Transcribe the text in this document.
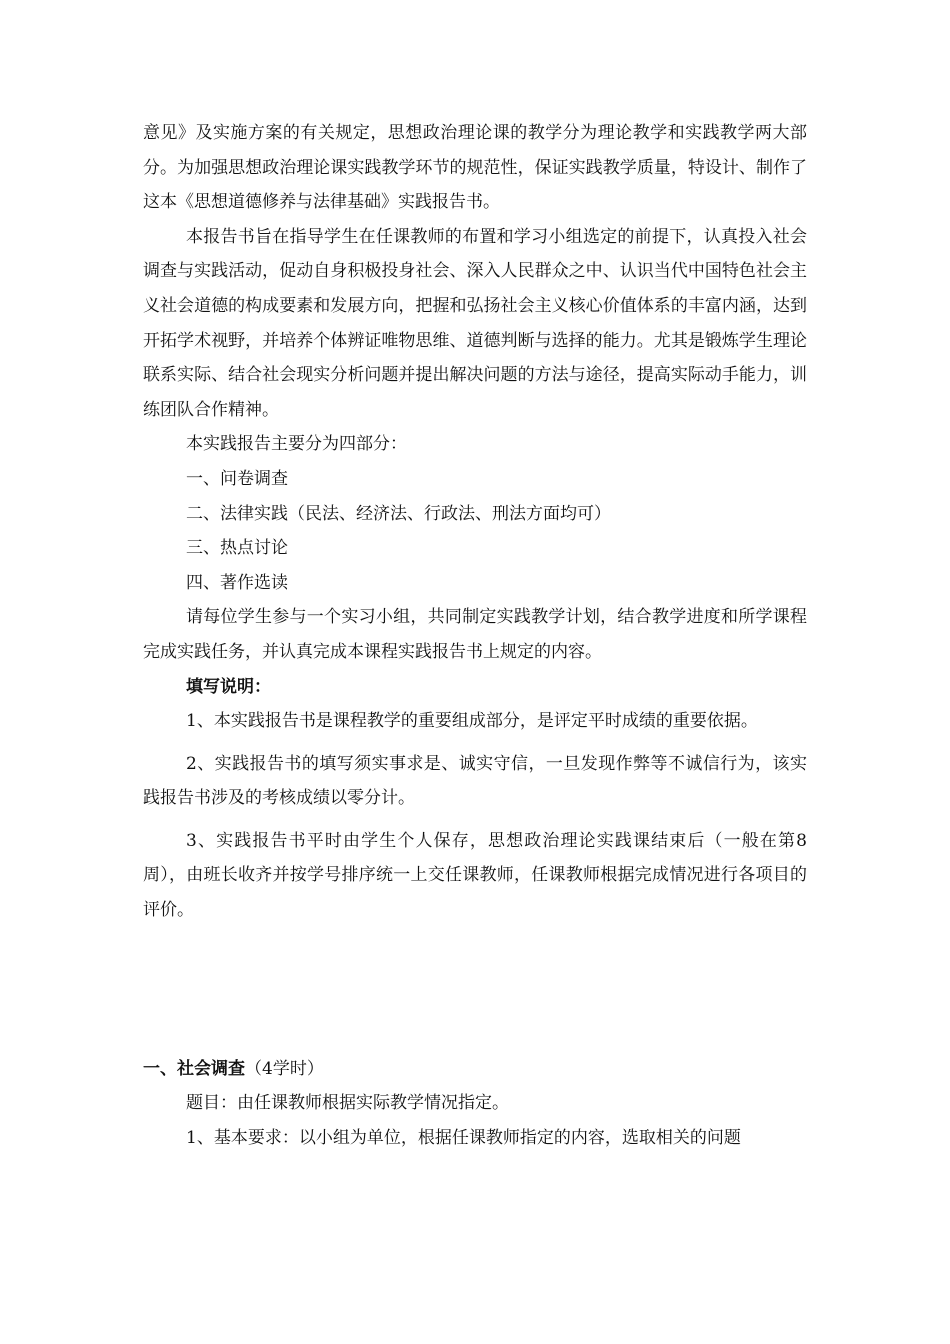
意见》及实施方案的有关规定，思想政治理论课的教学分为理论教学和实践教学两大部分。为加强思想政治理论课实践教学环节的规范性，保证实践教学质量，特设计、制作了这本《思想道德修养与法律基础》实践报告书。

本报告书旨在指导学生在任课教师的布置和学习小组选定的前提下，认真投入社会调查与实践活动，促动自身积极投身社会、深入人民群众之中、认识当代中国特色社会主义社会道德的构成要素和发展方向，把握和弘扬社会主义核心价值体系的丰富内涵，达到开拓学术视野，并培养个体辨证唯物思维、道德判断与选择的能力。尤其是锻炼学生理论联系实际、结合社会现实分析问题并提出解决问题的方法与途径，提高实际动手能力，训练团队合作精神。

本实践报告主要分为四部分：

一、问卷调查

二、法律实践（民法、经济法、行政法、刑法方面均可）

三、热点讨论

四、著作选读

请每位学生参与一个实习小组，共同制定实践教学计划，结合教学进度和所学课程完成实践任务，并认真完成本课程实践报告书上规定的内容。

填写说明：

1、本实践报告书是课程教学的重要组成部分，是评定平时成绩的重要依据。

2、实践报告书的填写须实事求是、诚实守信，一旦发现作弊等不诚信行为，该实践报告书涉及的考核成绩以零分计。

3、实践报告书平时由学生个人保存，思想政治理论实践课结束后（一般在第8周），由班长收齐并按学号排序统一上交任课教师，任课教师根据完成情况进行各项目的评价。

一、社会调查（4学时）

题目：由任课教师根据实际教学情况指定。

1、基本要求：以小组为单位，根据任课教师指定的内容，选取相关的问题
